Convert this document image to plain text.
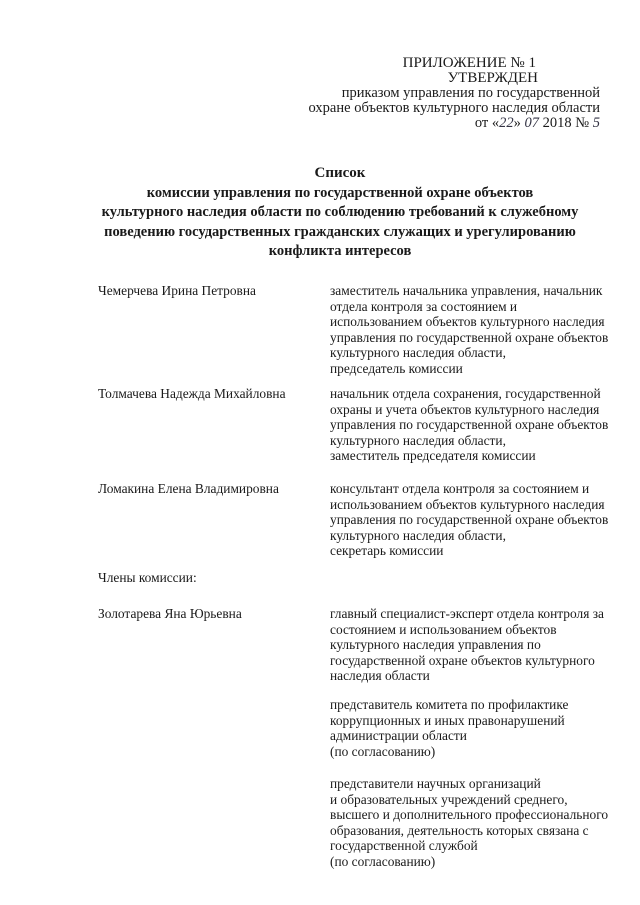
ПРИЛОЖЕНИЕ № 1
УТВЕРЖДЕН
приказом управления по государственной
охране объектов культурного наследия области
от «22» 07 2018 № 5
Список
комиссии управления по государственной охране объектов
культурного наследия области по соблюдению требований к служебному
поведению государственных гражданских служащих и урегулированию
конфликта интересов
Чемерчева Ирина Петровна	заместитель начальника управления, начальник
отдела контроля за состоянием и
использованием объектов культурного наследия
управления по государственной охране объектов
культурного наследия области,
председатель комиссии
Толмачева Надежда Михайловна	начальник отдела сохранения, государственной
охраны и учета объектов культурного наследия
управления по государственной охране объектов
культурного наследия области,
заместитель председателя комиссии
Ломакина Елена Владимировна	консультант отдела контроля за состоянием и
использованием объектов культурного наследия
управления по государственной охране объектов
культурного наследия области,
секретарь комиссии
Члены комиссии:
Золотарева Яна Юрьевна	главный специалист-эксперт отдела контроля за
состоянием и использованием объектов
культурного наследия управления по
государственной охране объектов культурного
наследия области
представитель комитета по профилактике
коррупционных и иных правонарушений
администрации области
(по согласованию)
представители научных организаций
и образовательных учреждений среднего,
высшего и дополнительного профессионального
образования, деятельность которых связана с
государственной службой
(по согласованию)
